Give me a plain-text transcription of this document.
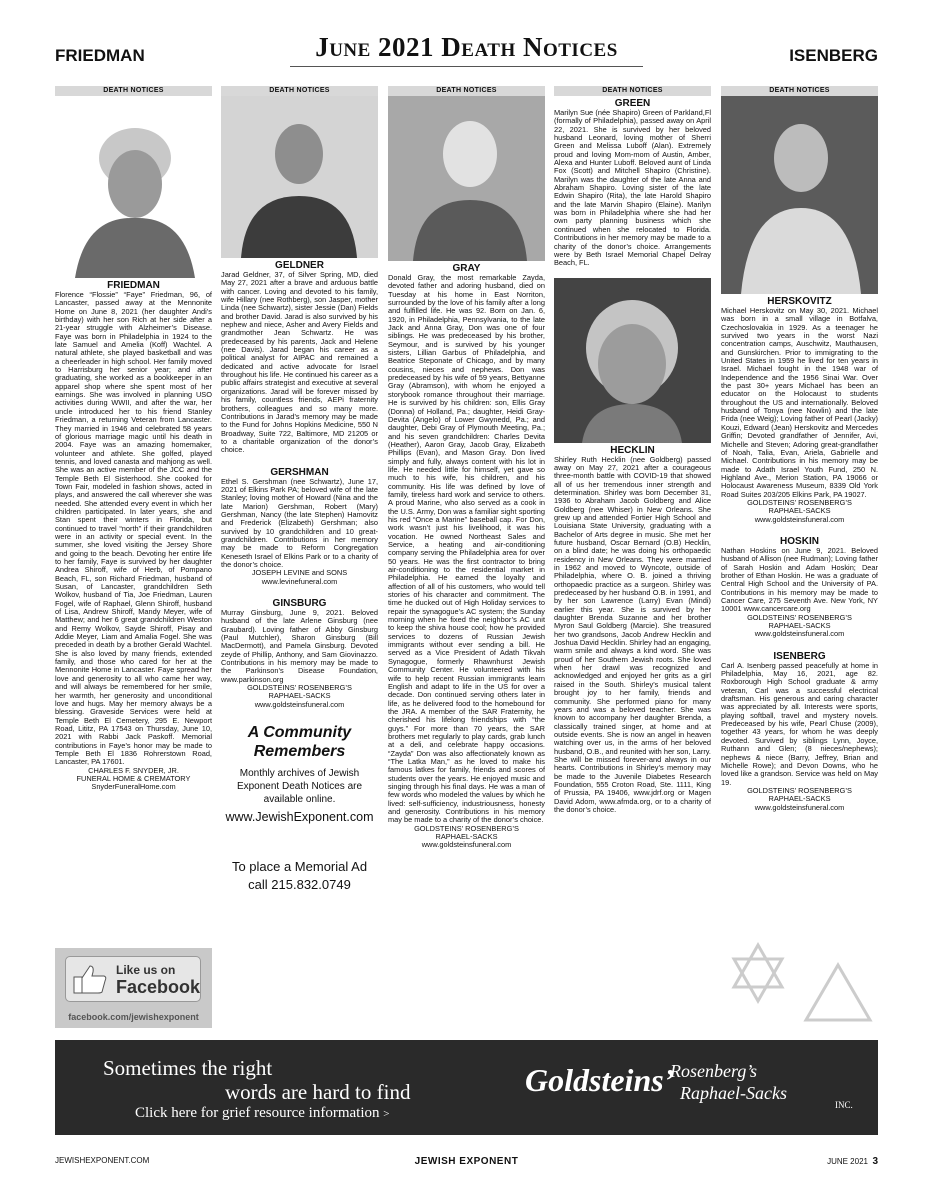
FRIEDMAN	June 2021 Death Notices	ISENBERG
DEATH NOTICES
FRIEDMAN
Florence “Flossie” “Faye” Friedman, 96, of Lancaster, passed away at the Mennonite Home on June 8, 2021 (her daughter Andi’s birthday) with her son Rich at her side after a 21-year struggle with Alzheimer’s Disease. Faye was born in Philadelphia in 1924 to the late Samuel and Amelia (Koff) Wachtel. A natural athlete, she played basketball and was a cheerleader in high school. Her family moved to Harrisburg her senior year; and after graduating, she worked as a bookkeeper in an apparel shop where she spent most of her earnings. She was involved in planning USO activities during WWII, and after the war, her uncle introduced her to his friend Stanley Friedman, a returning Veteran from Lancaster. They married in 1946 and celebrated 58 years of glorious marriage magic until his death in 2004. Faye was an amazing homemaker, volunteer and athlete. She golfed, played tennis, and loved canasta and mahjong as well. She was an active member of the JCC and the Temple Beth El Sisterhood. She cooked for Town Fair, modeled in fashion shows, acted in plays, and answered the call wherever she was needed. She attended every event in which her children participated. In later years, she and Stan spent their winters in Florida, but continued to travel “north” if their grandchildren were in an activity or special event. In the summer, she loved visiting the Jersey Shore and going to the beach. Devoting her entire life to her family, Faye is survived by her daughter Andrea Shiroff, wife of Herb, of Pompano Beach, FL, son Richard Friedman, husband of Susan, of Lancaster, grandchildren Seth Wolkov, husband of Tia, Joe Friedman, Lauren Fogel, wife of Raphael, Glenn Shiroff, husband of Lisa, Andrew Shiroff, Mandy Meyer, wife of Matthew; and her 6 great grandchildren Weston and Remy Wolkov, Sayde Shiroff, Pisay and Addie Meyer, Liam and Amalia Fogel. She was preceded in death by a brother Gerald Wachtel. She is also loved by many friends, extended family, and those who cared for her at the Mennonite Home in Lancaster. Faye spread her love and generosity to all who came her way, and will always be remembered for her smile, her warmth, her generosity and unconditional love and hugs. May her memory always be a blessing. Graveside Services were held at Temple Beth El Cemetery, 295 E. Newport Road, Lititz, PA 17543 on Thursday, June 10, 2021 with Rabbi Jack Paskoff. Memorial contributions in Faye’s honor may be made to Temple Beth El 1836 Rohrerstown Road, Lancaster, PA 17601.
CHARLES F. SNYDER, JR.
FUNERAL HOME & CREMATORY
SnyderFuneralHome.com
Like us on
Facebook
facebook.com/jewishexponent
DEATH NOTICES
GELDNER
Jarad Geldner, 37, of Silver Spring, MD, died May 27, 2021 after a brave and arduous battle with cancer. Loving and devoted to his family, wife Hillary (nee Rothberg), son Jasper, mother Linda (nee Schwartz), sister Jessie (Dan) Fields and brother David. Jarad is also survived by his nephew and niece, Asher and Avery Fields and grandmother Jean Schwartz. He was predeceased by his parents, Jack and Helene (nee Davis). Jarad began his career as a political analyst for AIPAC and remained a dedicated and active advocate for Israel throughout his life. He continued his career as a public affairs strategist and executive at several organizations. Jarad will be forever missed by his family, countless friends, AEPi fraternity brothers, colleagues and so many more. Contributions in Jarad’s memory may be made to the Fund for Johns Hopkins Medicine, 550 N Broadway, Suite 722, Baltimore, MD 21205 or to a charitable organization of the donor’s choice.
GERSHMAN
Ethel S. Gershman (nee Schwartz), June 17, 2021 of Elkins Park PA; beloved wife of the late Stanley; loving mother of Howard (Nina and the late Marion) Gershman, Robert (Mary) Gershman, Nancy (the late Stephen) Hamovitz and Frederick (Elizabeth) Gershman; also survived by 10 grandchildren and 10 great-grandchildren. Contributions in her memory may be made to Reform Congregation Keneseth Israel of Elkins Park or to a charity of the donor’s choice.
JOSEPH LEVINE and SONS
www.levinefuneral.com
GINSBURG
Murray Ginsburg, June 9, 2021. Beloved husband of the late Arlene Ginsburg (nee Graubard). Loving father of Abby Ginsburg (Paul Mutchler), Sharon Ginsburg (Bill MacDermott), and Pamela Ginsburg. Devoted zeyde of Phillip, Anthony, and Sam Giovinazzo. Contributions in his memory may be made to the Parkinson’s Disease Foundation, www.parkinson.org
GOLDSTEINS’ ROSENBERG’S
RAPHAEL-SACKS
www.goldsteinsfuneral.com
A Community Remembers
Monthly archives of Jewish Exponent Death Notices are available online.
www.JewishExponent.com
To place a Memorial Ad
call 215.832.0749
DEATH NOTICES
GRAY
Donald Gray, the most remarkable Zayda, devoted father and adoring husband, died on Tuesday at his home in East Norriton, surrounded by the love of his family after a long and fulfilled life. He was 92. Born on Jan. 6, 1920, in Philadelphia, Pennsylvania, to the late Jack and Anna Gray, Don was one of four siblings. He was predeceased by his brother, Seymour, and is survived by his younger sisters, Lillian Garbus of Philadelphia, and Beatrice Steponate of Chicago, and by many cousins, nieces and nephews. Don was predeceased by his wife of 59 years, Bettyanne Gray (Abramson), with whom he enjoyed a storybook romance throughout their marriage. He is survived by his children: son, Ellis Gray (Donna) of Holland, Pa.; daughter, Heidi Gray-Devita (Angelo) of Lower Gwynedd, Pa.; and daughter, Debi Gray of Plymouth Meeting, Pa.; and his seven grandchildren: Charles Devita (Heather), Aaron Gray, Jacob Gray, Elizabeth Phillips (Evan), and Mason Gray. Don lived simply and fully, always content with his lot in life. He needed little for himself, yet gave so much to his wife, his children, and his community. His life was defined by love of family, tireless hard work and service to others. A proud Marine, who also served as a cook in the U.S. Army, Don was a familiar sight sporting his red “Once a Marine” baseball cap. For Don, work wasn’t just his livelihood, it was his vocation. He owned Northeast Sales and Service, a heating and air-conditioning company serving the Philadelphia area for over 50 years. He was the first contractor to bring air-conditioning to the residential market in Philadelphia. He earned the loyalty and affection of all of his customers, who would tell stories of his character and commitment. The time he ducked out of High Holiday services to repair the synagogue’s AC system; the Sunday morning when he fixed the neighbor’s AC unit to keep the shiva house cool; how he provided services to dozens of Russian Jewish immigrants without ever sending a bill. He served as a Vice President of Adath Tikvah Synagogue, formerly Rhawnhurst Jewish Community Center. He volunteered with his wife to help recent Russian immigrants learn English and adapt to life in the US for over a decade. Don continued serving others later in life, as he delivered food to the homebound for the JRA. A member of the SAR Fraternity, he cherished his lifelong friendships with “the guys.” For more than 70 years, the SAR brothers met regularly to play cards, grab lunch at a deli, and celebrate happy occasions. “Zayda” Don was also affectionately known as “The Latka Man,” as he loved to make his famous latkes for family, friends and scores of students over the years. He enjoyed music and singing through his final days. He was a man of few words who modeled the values by which he lived: self-sufficiency, industriousness, honesty and generosity. Contributions in his memory may be made to a charity of the donor’s choice.
GOLDSTEINS’ ROSENBERG’S
RAPHAEL-SACKS
www.goldsteinsfuneral.com
DEATH NOTICES
GREEN
Marilyn Sue (née Shapiro) Green of Parkland,Fl (formally of Philadelphia), passed away on April 22, 2021. She is survived by her beloved husband Leonard, loving mother of Sherri Green and Melissa Luboff (Alan). Extremely proud and loving Mom-mom of Austin, Amber, Alexa and Hunter Luboff. Beloved aunt of Linda Fox (Scott) and Mitchell Shapiro (Christine). Marilyn was the daughter of the late Anna and Abraham Shapiro. Loving sister of the late Edwin Shapiro (Rita), the late Harold Shapiro and the late Marvin Shapiro (Elaine). Marilyn was born in Philadelphia where she had her own party planning business which she continued when she relocated to Florida. Contributions in her memory may be made to a charity of the donor’s choice. Arrangements were by Beth Israel Memorial Chapel Delray Beach, FL.
HECKLIN
Shirley Ruth Hecklin (nee Goldberg) passed away on May 27, 2021 after a courageous three-month battle with COVID-19 that showed all of us her tremendous inner strength and determination. Shirley was born December 31, 1936 to Abraham Jacob Goldberg and Alice Goldberg (nee Whiser) in New Orleans. She grew up and attended Fortier High School and Louisiana State University, graduating with a Bachelor of Arts degree in music. She met her future husband, Oscar Bernard (O.B) Hecklin, on a blind date; he was doing his orthopaedic residency in New Orleans. They were married in 1962 and moved to Wyncote, outside of Philadelphia, where O. B. joined a thriving orthopaedic practice as a surgeon. Shirley was predeceased by her husband O.B. in 1991, and by her son Lawrence (Larry) Evan (Mindi) earlier this year. She is survived by her daughter Brenda Suzanne and her brother Myron Saul Goldberg (Marcie). She treasured her two grandsons, Jacob Andrew Hecklin and Joshua David Hecklin. Shirley had an engaging, warm smile and always a kind word. She was proud of her Southern Jewish roots. She loved when her drawl was recognized and acknowledged and enjoyed her grits as a girl raised in the South. Shirley’s musical talent brought joy to her family, friends and community. She performed piano for many years and was a beloved teacher. She was known to accompany her daughter Brenda, a classically trained singer, at home and at outside events. She is now an angel in heaven watching over us, in the arms of her beloved husband, O.B., and reunited with her son, Larry. She will be missed forever-and always in our hearts. Contributions in Shirley’s memory may be made to the Juvenile Diabetes Research Foundation, 555 Croton Road, Ste. 1111, King of Prussia, PA 19406, www.jdrf.org or Magen David Adom, www.afmda.org, or to a charity of the donor’s choice.
DEATH NOTICES
HERSKOVITZ
Michael Herskovitz on May 30, 2021. Michael was born in a small village in Botfalva, Czechoslovakia in 1929. As a teenager he survived two years in the worst Nazi concentration camps, Auschwitz, Mauthausen, and Gunskirchen. Prior to immigrating to the United States in 1959 he lived for ten years in Israel. Michael fought in the 1948 war of Independence and the 1956 Sinai War. Over the past 30+ years Michael has been an educator on the Holocaust to students throughout the US and internationally. Beloved husband of Tonya (nee Nowlin) and the late Frida (nee Weig); Loving father of Pearl (Jacky) Kouzi, Edward (Jean) Herskovitz and Mercedes Griffin; Devoted grandfather of Jennifer, Avi, Michelle and Steven; Adoring great-grandfather of Noah, Talia, Evan, Ariela, Gabrielle and Michael. Contributions in his memory may be made to Adath Israel Youth Fund, 250 N. Highland Ave., Merion Station, PA 19066 or Holocaust Awareness Museum, 8339 Old York Road Suites 203/205 Elkins Park, PA 19027.
GOLDSTEINS’ ROSENBERG’S
RAPHAEL-SACKS
www.goldsteinsfuneral.com
HOSKIN
Nathan Hoskins on June 9, 2021. Beloved husband of Allison (nee Rudman); Loving father of Sarah Hoskin and Adam Hoskin; Dear brother of Ethan Hoskin. He was a graduate of Central High School and the University of PA. Contributions in his memory may be made to Cancer Care, 275 Seventh Ave. New York, NY 10001 www.cancercare.org
GOLDSTEINS’ ROSENBERG’S
RAPHAEL-SACKS
www.goldsteinsfuneral.com
ISENBERG
Carl A. Isenberg passed peacefully at home in Philadelphia, May 16, 2021, age 82. Roxborough High School graduate & army veteran, Carl was a successful electrical draftsman. His generous and caring character was appreciated by all. Interests were sports, playing softball, travel and mystery novels. Predeceased by his wife, Pearl Chuse (2009), together 43 years, for whom he was deeply devoted. Survived by siblings Lynn, Joyce, Ruthann and Glen; (8 nieces/nephews); nephews & niece (Barry, Jeffrey, Brian and Michelle Rowe); and Devon Downs, who he loved like a grandson. Service was held on May 19.
GOLDSTEINS’ ROSENBERG’S
RAPHAEL-SACKS
www.goldsteinsfuneral.com
Sometimes the right
words are hard to find
Click here for grief resource information >
Goldsteins’
Rosenberg’s
Raphael-Sacks
INC.
JEWISHEXPONENT.COM	JEWISH EXPONENT	JUNE 2021 3
